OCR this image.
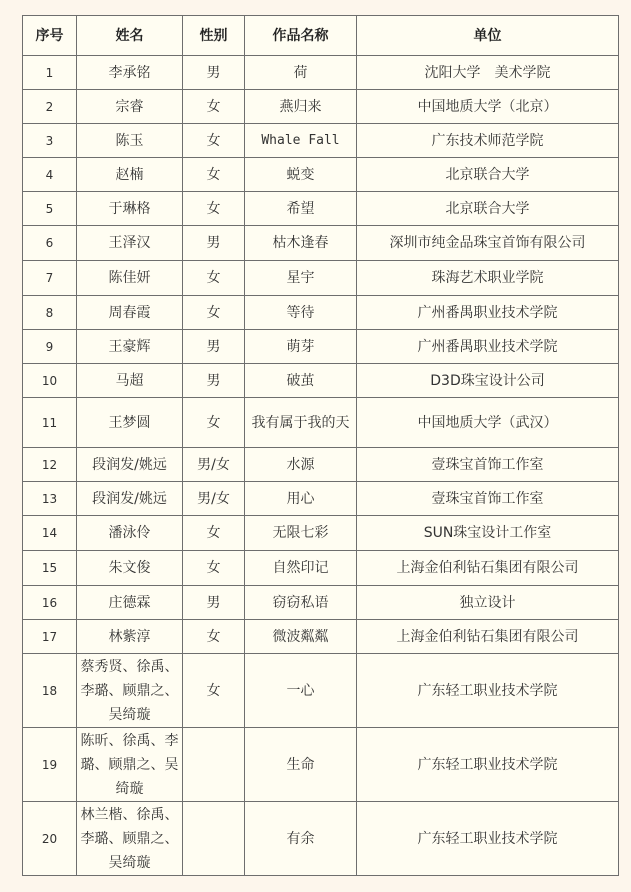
序号	姓名	性别	作品名称	单位
1	李承铭	男	荷	沈阳大学　美术学院
2	宗睿	女	燕归来	中国地质大学（北京）
3	陈玉	女	Whale Fall	广东技术师范学院
4	赵楠	女	蜕变	北京联合大学
5	于琳格	女	希望	北京联合大学
6	王泽汉	男	枯木逢春	深圳市纯金品珠宝首饰有限公司
7	陈佳妍	女	星宇	珠海艺术职业学院
8	周春霞	女	等待	广州番禺职业技术学院
9	王豪辉	男	萌芽	广州番禺职业技术学院
10	马超	男	破茧	D3D珠宝设计公司
11	王梦圆	女	我有属于我的天	中国地质大学（武汉）
12	段润发/姚远	男/女	水源	壹珠宝首饰工作室
13	段润发/姚远	男/女	用心	壹珠宝首饰工作室
14	潘泳伶	女	无限七彩	SUN珠宝设计工作室
15	朱文俊	女	自然印记	上海金伯利钻石集团有限公司
16	庄德霖	男	窃窃私语	独立设计
17	林紫淳	女	微波粼粼	上海金伯利钻石集团有限公司
18	蔡秀贤、徐禹、李璐、顾鼎之、吴绮璇	女	一心	广东轻工职业技术学院
19	陈昕、徐禹、李璐、顾鼎之、吴绮璇		生命	广东轻工职业技术学院
20	林兰楷、徐禹、李璐、顾鼎之、吴绮璇		有余	广东轻工职业技术学院
